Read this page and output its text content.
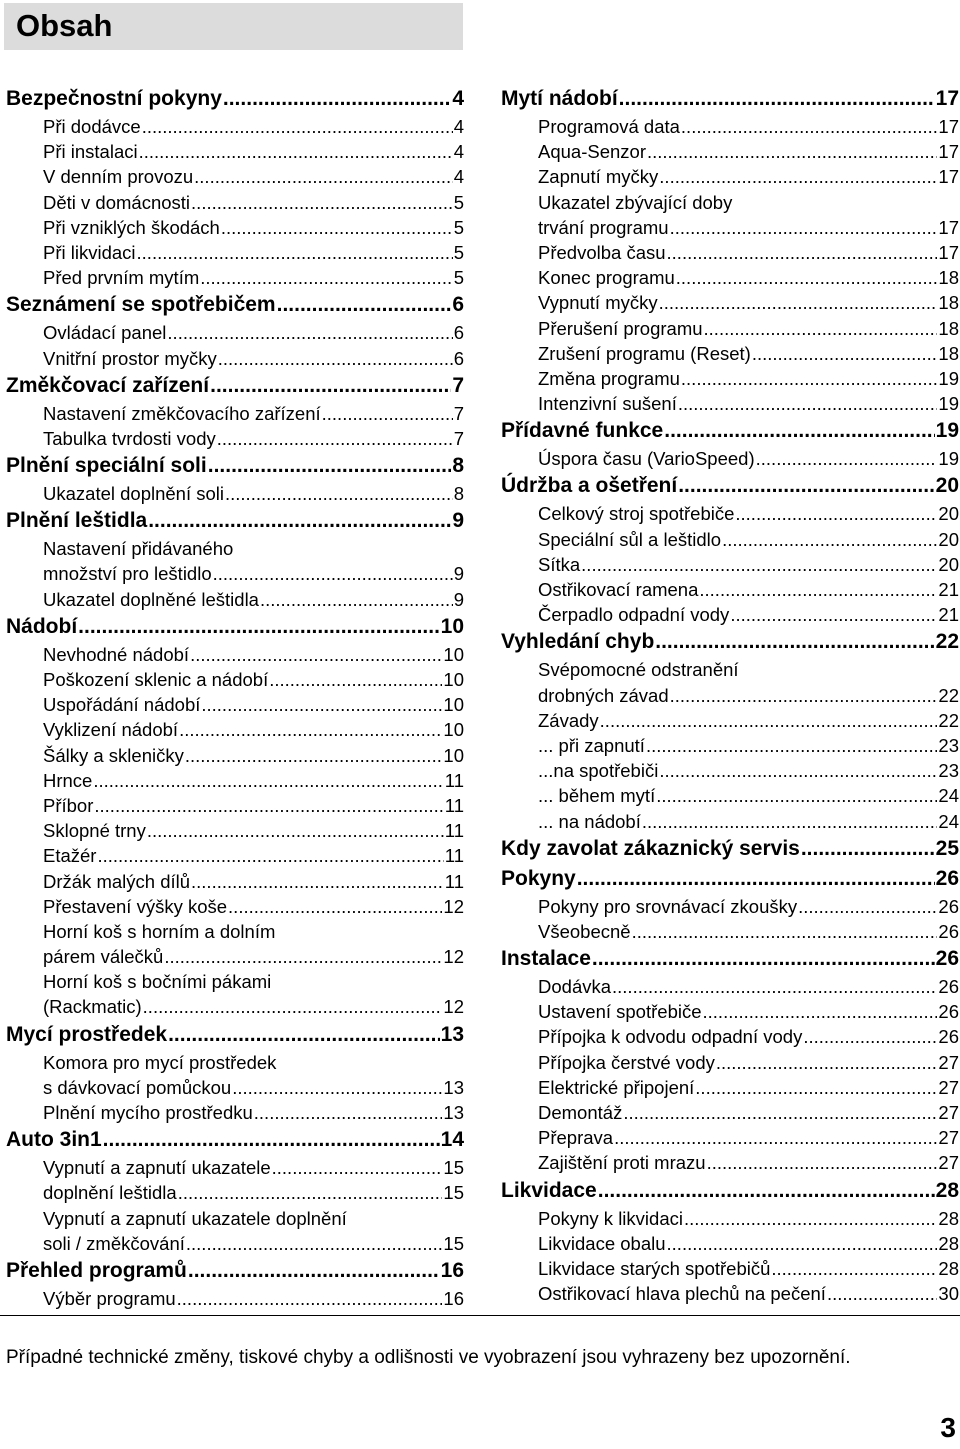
Obsah
Bezpečnostní pokyny .....	4
Při dodávce .....	4
Při instalaci .....	4
V denním provozu .....	4
Děti v domácnosti .....	5
Při vzniklých škodách .....	5
Při likvidaci .....	5
Před prvním mytím .....	5
Seznámení se spotřebičem .....	6
Ovládací panel .....	6
Vnitřní prostor myčky .....	6
Změkčovací zařízení .....	7
Nastavení změkčovacího zařízení .....	7
Tabulka tvrdosti vody .....	7
Plnění speciální soli .....	8
Ukazatel doplnění soli .....	8
Plnění leštidla .....	9
Nastavení přidávaného
množství pro leštidlo .....	9
Ukazatel doplněné leštidla .....	9
Nádobí .....	10
Nevhodné nádobí .....	10
Poškození sklenic a nádobí .....	10
Uspořádání nádobí .....	10
Vyklizení nádobí .....	10
Šálky a skleničky .....	10
Hrnce .....	11
Příbor .....	11
Sklopné trny .....	11
Etažér .....	11
Držák malých dílů .....	11
Přestavení výšky koše .....	12
Horní koš s horním a dolním
párem válečků .....	12
Horní koš s bočními pákami
(Rackmatic) .....	12
Mycí prostředek .....	13
Komora pro mycí prostředek
s dávkovací pomůckou .....	13
Plnění mycího prostředku .....	13
Auto 3in1 .....	14
Vypnutí a zapnutí ukazatele .....	15
doplnění leštidla .....	15
Vypnutí a zapnutí ukazatele doplnění
soli / změkčování .....	15
Přehled programů .....	16
Výběr programu .....	16
Mytí nádobí .....	17
Programová data .....	17
Aqua-Senzor .....	17
Zapnutí myčky .....	17
Ukazatel zbývající doby
trvání programu .....	17
Předvolba času .....	17
Konec programu .....	18
Vypnutí myčky .....	18
Přerušení programu .....	18
Zrušení programu (Reset) .....	18
Změna programu .....	19
Intenzivní sušení .....	19
Přídavné funkce .....	19
Úspora času (VarioSpeed) .....	19
Údržba a ošetření .....	20
Celkový stroj spotřebiče .....	20
Speciální sůl a leštidlo .....	20
Sítka .....	20
Ostřikovací ramena .....	21
Čerpadlo odpadní vody .....	21
Vyhledání chyb .....	22
Svépomocné odstranění
drobných závad .....	22
Závady .....	22
... při zapnutí .....	23
...na spotřebiči .....	23
... během mytí .....	24
... na nádobí .....	24
Kdy zavolat zákaznický servis .....	25
Pokyny .....	26
Pokyny pro srovnávací zkoušky .....	26
Všeobecně .....	26
Instalace .....	26
Dodávka .....	26
Ustavení spotřebiče .....	26
Přípojka k odvodu odpadní vody .....	26
Přípojka čerstvé vody .....	27
Elektrické připojení .....	27
Demontáž .....	27
Přeprava .....	27
Zajištění proti mrazu .....	27
Likvidace .....	28
Pokyny k likvidaci .....	28
Likvidace obalu .....	28
Likvidace starých spotřebičů .....	28
Ostřikovací hlava plechů na pečení .....	30
Případné technické změny, tiskové chyby a odlišnosti ve vyobrazení jsou vyhrazeny bez upozornění.
3
